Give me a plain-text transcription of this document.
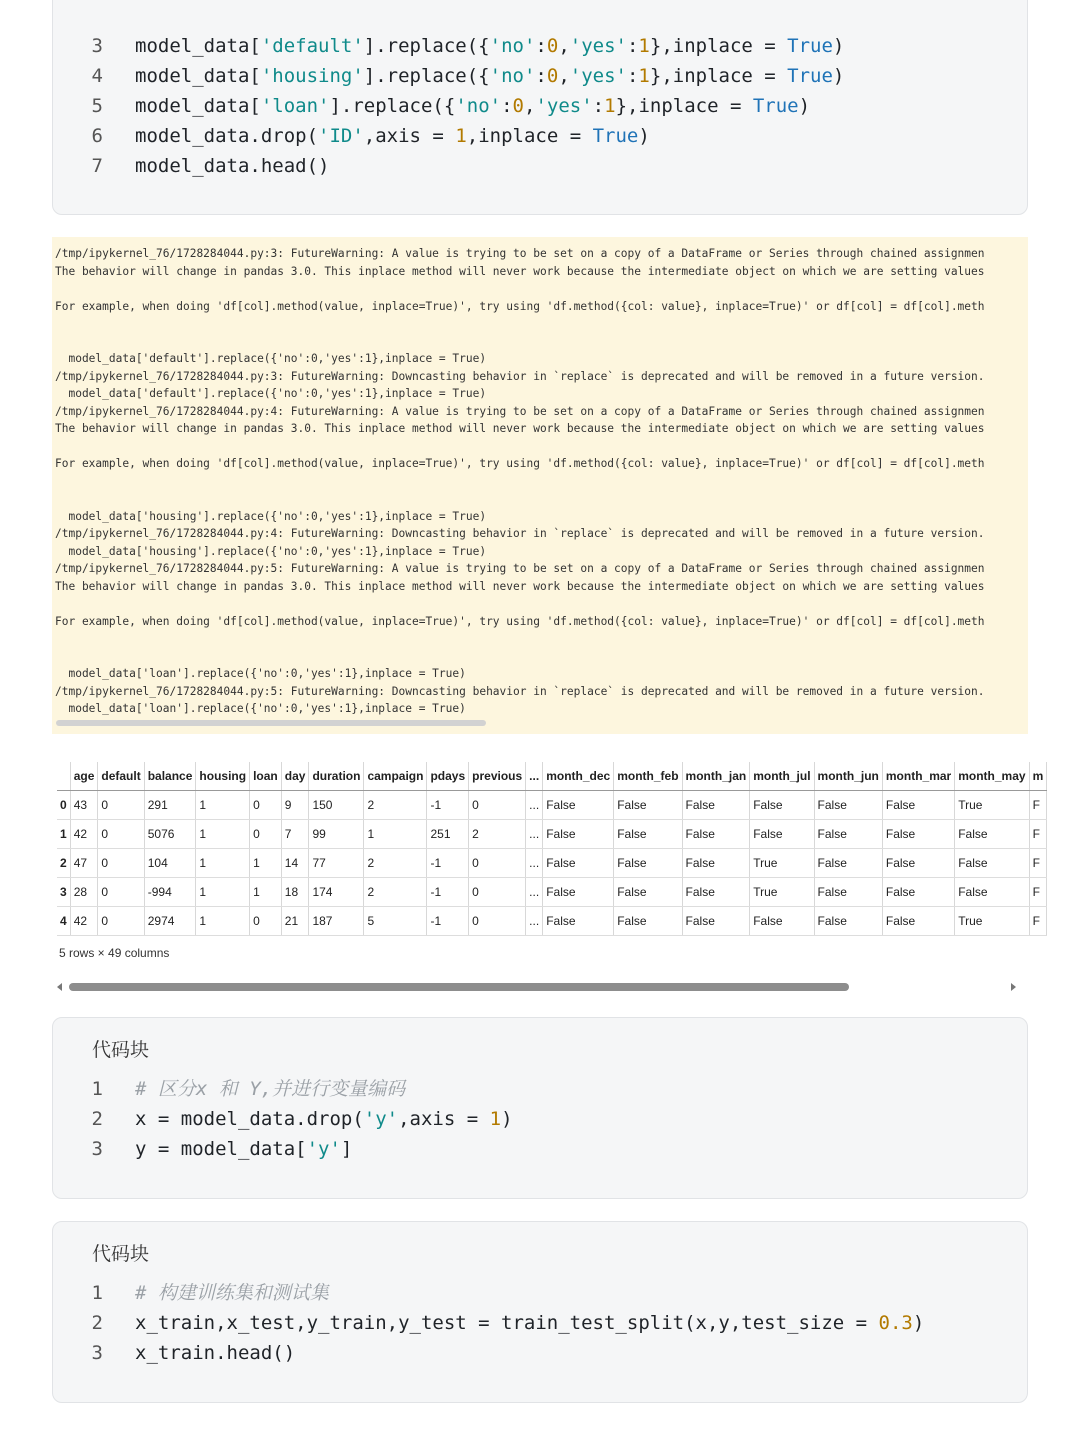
3 model_data['default'].replace({'no':0,'yes':1},inplace = True)
4 model_data['housing'].replace({'no':0,'yes':1},inplace = True)
5 model_data['loan'].replace({'no':0,'yes':1},inplace = True)
6 model_data.drop('ID',axis = 1,inplace = True)
7 model_data.head()
/tmp/ipykernel_76/1728284044.py:3: FutureWarning: A value is trying to be set on a copy of a DataFrame or Series through chained assignmen
The behavior will change in pandas 3.0. This inplace method will never work because the intermediate object on which we are setting values
For example, when doing 'df[col].method(value, inplace=True)', try using 'df.method({col: value}, inplace=True)' or df[col] = df[col].meth
model_data['default'].replace({'no':0,'yes':1},inplace = True)
/tmp/ipykernel_76/1728284044.py:3: FutureWarning: Downcasting behavior in `replace` is deprecated and will be removed in a future version.
model_data['default'].replace({'no':0,'yes':1},inplace = True)
/tmp/ipykernel_76/1728284044.py:4: FutureWarning: A value is trying to be set on a copy of a DataFrame or Series through chained assignmen
The behavior will change in pandas 3.0. This inplace method will never work because the intermediate object on which we are setting values
For example, when doing 'df[col].method(value, inplace=True)', try using 'df.method({col: value}, inplace=True)' or df[col] = df[col].meth
model_data['housing'].replace({'no':0,'yes':1},inplace = True)
/tmp/ipykernel_76/1728284044.py:4: FutureWarning: Downcasting behavior in `replace` is deprecated and will be removed in a future version.
model_data['housing'].replace({'no':0,'yes':1},inplace = True)
/tmp/ipykernel_76/1728284044.py:5: FutureWarning: A value is trying to be set on a copy of a DataFrame or Series through chained assignmen
The behavior will change in pandas 3.0. This inplace method will never work because the intermediate object on which we are setting values
For example, when doing 'df[col].method(value, inplace=True)', try using 'df.method({col: value}, inplace=True)' or df[col] = df[col].meth
model_data['loan'].replace({'no':0,'yes':1},inplace = True)
/tmp/ipykernel_76/1728284044.py:5: FutureWarning: Downcasting behavior in `replace` is deprecated and will be removed in a future version.
model_data['loan'].replace({'no':0,'yes':1},inplace = True)
	age	default	balance	housing	loan	day	duration	campaign	pdays	previous	...	month_dec	month_feb	month_jan	month_jul	month_jun	month_mar	month_may	m
0	43	0	291	1	0	9	150	2	-1	0	...	False	False	False	False	False	False	True	F
1	42	0	5076	1	0	7	99	1	251	2	...	False	False	False	False	False	False	False	F
2	47	0	104	1	1	14	77	2	-1	0	...	False	False	False	True	False	False	False	F
3	28	0	-994	1	1	18	174	2	-1	0	...	False	False	False	True	False	False	False	F
4	42	0	2974	1	0	21	187	5	-1	0	...	False	False	False	False	False	False	True	F
5 rows × 49 columns
代码块
1 # 区分x 和 Y,并进行变量编码
2 x = model_data.drop('y',axis = 1)
3 y = model_data['y']
代码块
1 # 构建训练集和测试集
2 x_train,x_test,y_train,y_test = train_test_split(x,y,test_size = 0.3)
3 x_train.head()
